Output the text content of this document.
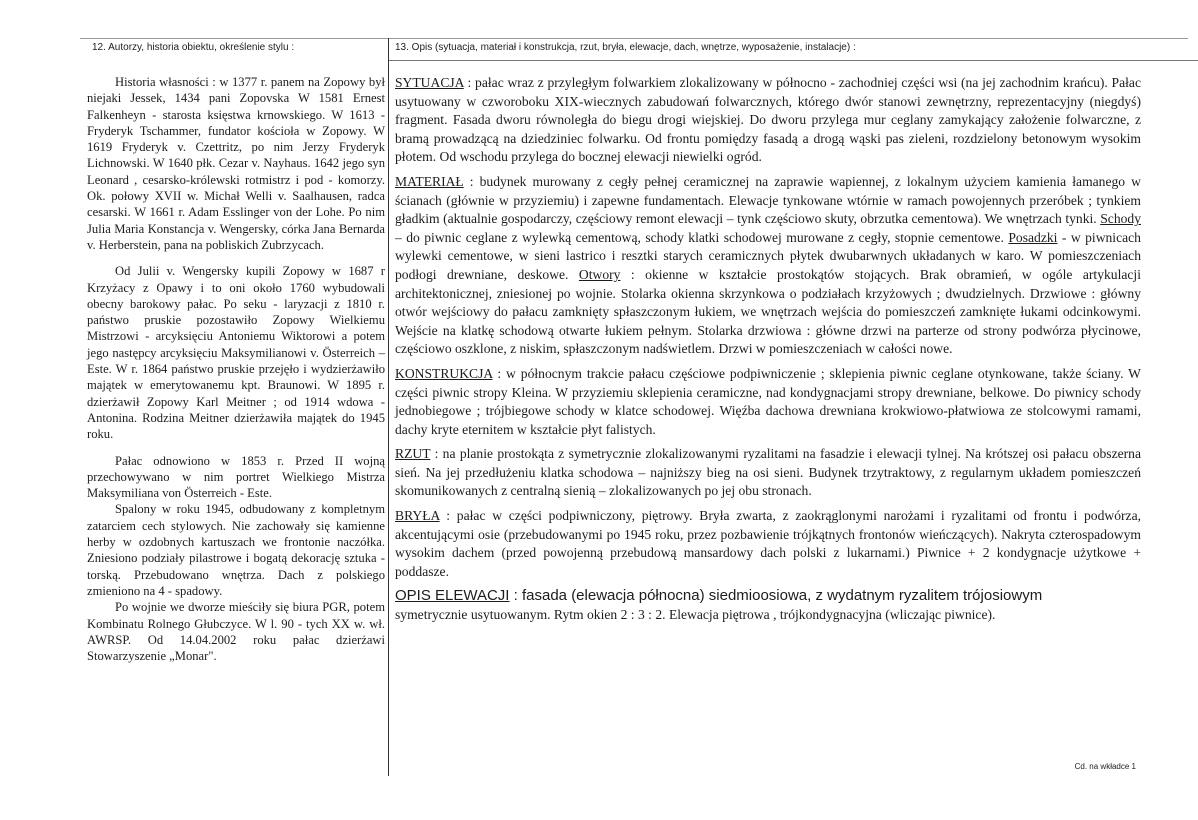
12. Autorzy, historia obiektu, określenie stylu :	13. Opis (sytuacja, materiał i konstrukcja, rzut, bryła, elewacje, dach, wnętrze, wyposażenie, instalacje) :

Historia własności : w 1377 r. panem na Zopowy był niejaki Jessek, 1434 pani Zopovska W 1581 Ernest Falkenheyn - starosta księstwa krnowskiego. W 1613 - Fryderyk Tschammer, fundator kościoła w Zopowy. W 1619 Fryderyk v. Czettritz, po nim Jerzy Fryderyk Lichnowski. W 1640 płk. Cezar v. Nayhaus. 1642 jego syn Leonard , cesarsko-królewski rotmistrz i pod - komorzy. Ok. połowy XVII w. Michał Welli v. Saalhausen, radca cesarski. W 1661 r. Adam Esslinger von der Lohe. Po nim Julia Maria Konstancja v. Wengersky, córka Jana Bernarda v. Herberstein, pana na pobliskich Zubrzycach.

Od Julii v. Wengersky kupili Zopowy w 1687 r Krzyżacy z Opawy i to oni około 1760 wybudowali obecny barokowy pałac. Po seku - laryzacji z 1810 r. państwo pruskie pozostawiło Zopowy Wielkiemu Mistrzowi - arcyksięciu Antoniemu Wiktorowi a potem jego następcy arcyksięciu Maksymilianowi v. Österreich – Este. W r. 1864 państwo pruskie przejęło i wydzierżawiło majątek w emerytowanemu kpt. Braunowi. W 1895 r. dzierżawił Zopowy Karl Meitner ; od 1914 wdowa - Antonina. Rodzina Meitner dzierżawiła majątek do 1945 roku.

Pałac odnowiono w 1853 r. Przed II wojną przechowywano w nim portret Wielkiego Mistrza Maksymiliana von Österreich - Este.

Spalony w roku 1945, odbudowany z kompletnym zatarciem cech stylowych. Nie zachowały się kamienne herby w ozdobnych kartuszach we frontonie naczółka. Zniesiono podziały pilastrowe i bogatą dekorację sztuka - torską. Przebudowano wnętrza. Dach z polskiego zmieniono na 4 - spadowy.

Po wojnie we dworze mieściły się biura PGR, potem Kombinatu Rolnego Głubczyce. W l. 90 - tych XX w. wł. AWRSP. Od 14.04.2002 roku pałac dzierżawi Stowarzyszenie „Monar".

SYTUACJA : pałac wraz z przyległym folwarkiem zlokalizowany w północno - zachodniej części wsi (na jej zachodnim krańcu). Pałac usytuowany w czworoboku XIX-wiecznych zabudowań folwarcznych, którego dwór stanowi zewnętrzny, reprezentacyjny (niegdyś) fragment. Fasada dworu równoległa do biegu drogi wiejskiej. Do dworu przylega mur ceglany zamykający założenie folwarczne, z bramą prowadzącą na dziedziniec folwarku. Od frontu pomiędzy fasadą a drogą wąski pas zieleni, rozdzielony betonowym wysokim płotem. Od wschodu przylega do bocznej elewacji niewielki ogród.

MATERIAŁ : budynek murowany z cegły pełnej ceramicznej na zaprawie wapiennej, z lokalnym użyciem kamienia łamanego w ścianach (głównie w przyziemiu) i zapewne fundamentach. Elewacje tynkowane wtórnie w ramach powojennych przeróbek ; tynkiem gładkim (aktualnie gospodarczy, częściowy remont elewacji – tynk częściowo skuty, obrzutka cementowa). We wnętrzach tynki. Schody – do piwnic ceglane z wylewką cementową, schody klatki schodowej murowane z cegły, stopnie cementowe. Posadzki - w piwnicach wylewki cementowe, w sieni lastrico i resztki starych ceramicznych płytek dwubarwnych układanych w karo. W pomieszczeniach podłogi drewniane, deskowe. Otwory : okienne w kształcie prostokątów stojących. Brak obramień, w ogóle artykulacji architektonicznej, zniesionej po wojnie. Stolarka okienna skrzynkowa o podziałach krzyżowych ; dwudzielnych. Drzwiowe : główny otwór wejściowy do pałacu zamknięty spłaszczonym łukiem, we wnętrzach wejścia do pomieszczeń zamknięte łukami odcinkowymi. Wejście na klatkę schodową otwarte łukiem pełnym. Stolarka drzwiowa : główne drzwi na parterze od strony podwórza płycinowe, częściowo oszklone, z niskim, spłaszczonym nadświetlem. Drzwi w pomieszczeniach w całości nowe.

KONSTRUKCJA : w północnym trakcie pałacu częściowe podpiwniczenie ; sklepienia piwnic ceglane otynkowane, także ściany. W części piwnic stropy Kleina. W przyziemiu sklepienia ceramiczne, nad kondygnacjami stropy drewniane, belkowe. Do piwnicy schody jednobiegowe ; trójbiegowe schody w klatce schodowej. Więźba dachowa drewniana krokwiowo-płatwiowa ze stolcowymi ramami, dachy kryte eternitem w kształcie płyt falistych.

RZUT : na planie prostokąta z symetrycznie zlokalizowanymi ryzalitami na fasadzie i elewacji tylnej. Na krótszej osi pałacu obszerna sień. Na jej przedłużeniu klatka schodowa – najniższy bieg na osi sieni. Budynek trzytraktowy, z regularnym układem pomieszczeń skomunikowanych z centralną sienią – zlokalizowanych po jej obu stronach.

BRYŁA : pałac w części podpiwniczony, piętrowy. Bryła zwarta, z zaokrąglonymi narożami i ryzalitami od frontu i podwórza, akcentującymi osie (przebudowanymi po 1945 roku, przez pozbawienie trójkątnych frontonów wieńczących). Nakryta czterospadowym wysokim dachem (przed powojenną przebudową mansardowy dach polski z lukarnami.) Piwnice + 2 kondygnacje użytkowe + poddasze.

OPIS ELEWACJI : fasada (elewacja północna) siedmioosiowa, z wydatnym ryzalitem trójosiowym

symetrycznie usytuowanym. Rytm okien 2 : 3 : 2. Elewacja piętrowa , trójkondygnacyjna (wliczając piwnice).

Cd. na wkładce 1
